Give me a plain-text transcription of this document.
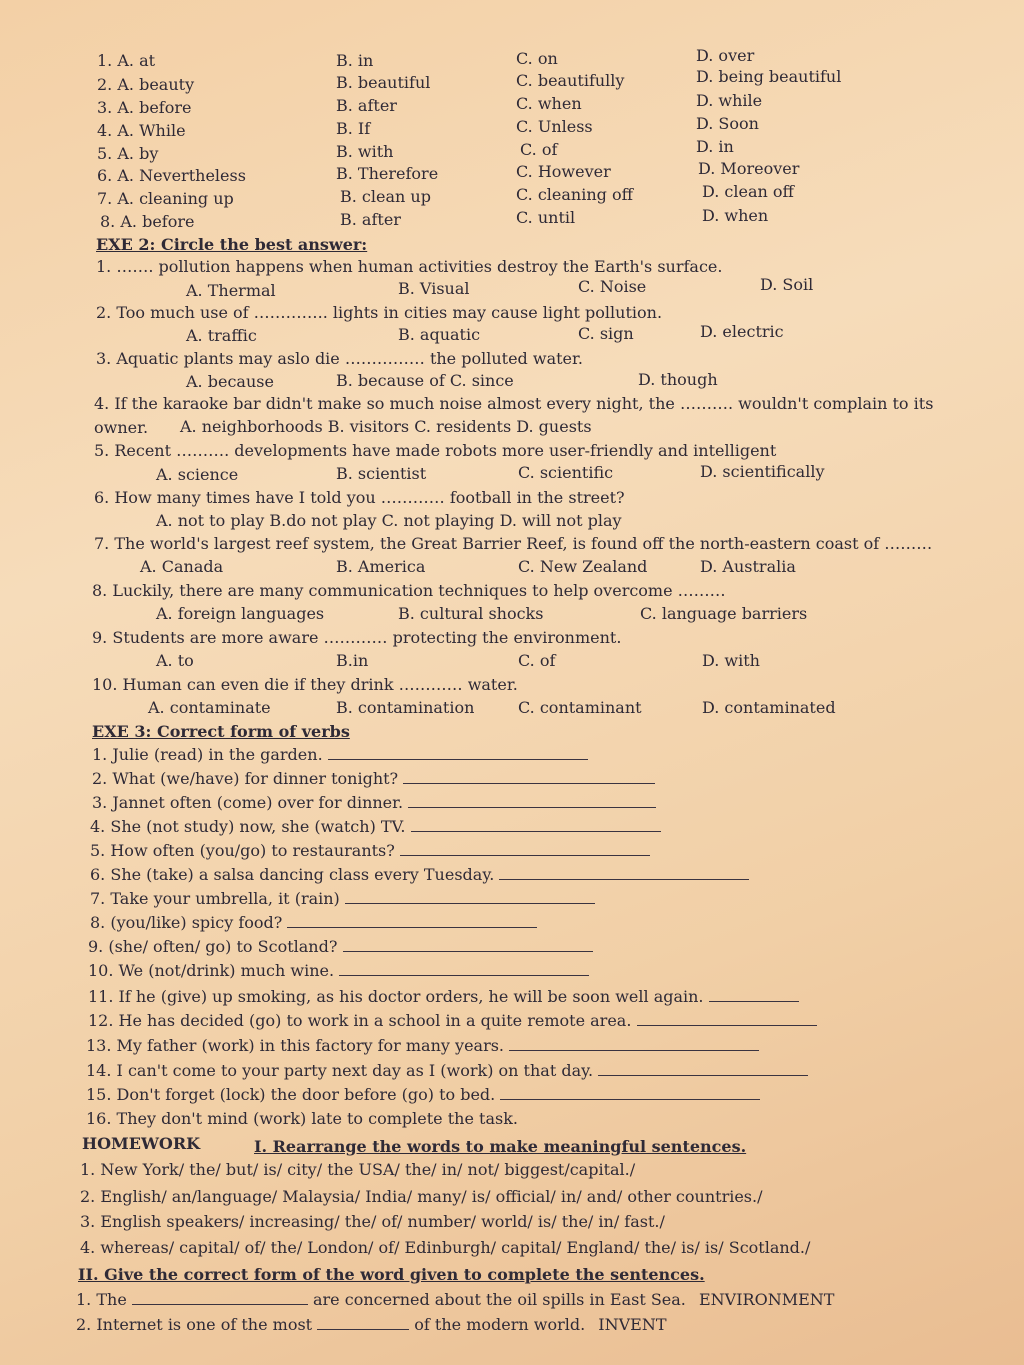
1. A. at	B. in	C. on	D. over
2. A. beauty	B. beautiful	C. beautifully	D. being beautiful
3. A. before	B. after	C. when	D. while
4. A. While	B. If	C. Unless	D. Soon
5. A. by	B. with	C. of	D. in
6. A. Nevertheless	B. Therefore	C. However	D. Moreover
7. A. cleaning up	B. clean up	C. cleaning off	D. clean off
8. A. before	B. after	C. until	D. when
EXE 2: Circle the best answer:
1. ……. pollution happens when human activities destroy the Earth's surface.
A. Thermal	B. Visual	C. Noise	D. Soil
2. Too much use of ………….. lights in cities may cause light pollution.
A. traffic	B. aquatic	C. sign	D. electric
3. Aquatic plants may aslo die …………… the polluted water.
A. because	B. because of C. since	D. though
4. If the karaoke bar didn't make so much noise almost every night, the ………. wouldn't complain to its
owner. A. neighborhoods B. visitors C. residents D. guests
5. Recent ………. developments have made robots more user-friendly and intelligent
A. science	B. scientist	C. scientific	D. scientifically
6. How many times have I told you ………… football in the street?
A. not to play B.do not play C. not playing D. will not play
7. The world's largest reef system, the Great Barrier Reef, is found off the north-eastern coast of ………
A. Canada	B. America	C. New Zealand	D. Australia
8. Luckily, there are many communication techniques to help overcome ………
A. foreign languages	B. cultural shocks	C. language barriers
9. Students are more aware ………… protecting the environment.
A. to	B.in	C. of	D. with
10. Human can even die if they drink ………… water.
A. contaminate	B. contamination	C. contaminant	D. contaminated
EXE 3: Correct form of verbs
1. Julie (read) in the garden.
2. What (we/have) for dinner tonight?
3. Jannet often (come) over for dinner.
4. She (not study) now, she (watch) TV.
5. How often (you/go) to restaurants?
6. She (take) a salsa dancing class every Tuesday.
7. Take your umbrella, it (rain)
8. (you/like) spicy food?
9. (she/ often/ go) to Scotland?
10. We (not/drink) much wine.
11. If he (give) up smoking, as his doctor orders, he will be soon well again.
12. He has decided (go) to work in a school in a quite remote area.
13. My father (work) in this factory for many years.
14. I can't come to your party next day as I (work) on that day.
15. Don't forget (lock) the door before (go) to bed.
16. They don't mind (work) late to complete the task.
HOMEWORK	I. Rearrange the words to make meaningful sentences.
1. New York/ the/ but/ is/ city/ the USA/ the/ in/ not/ biggest/capital./
2. English/ an/language/ Malaysia/ India/ many/ is/ official/ in/ and/ other countries./
3. English speakers/ increasing/ the/ of/ number/ world/ is/ the/ in/ fast./
4. whereas/ capital/ of/ the/ London/ of/ Edinburgh/ capital/ England/ the/ is/ is/ Scotland./
II. Give the correct form of the word given to complete the sentences.
1. The	are concerned about the oil spills in East Sea. ENVIRONMENT
2. Internet is one of the most	of the modern world. INVENT
